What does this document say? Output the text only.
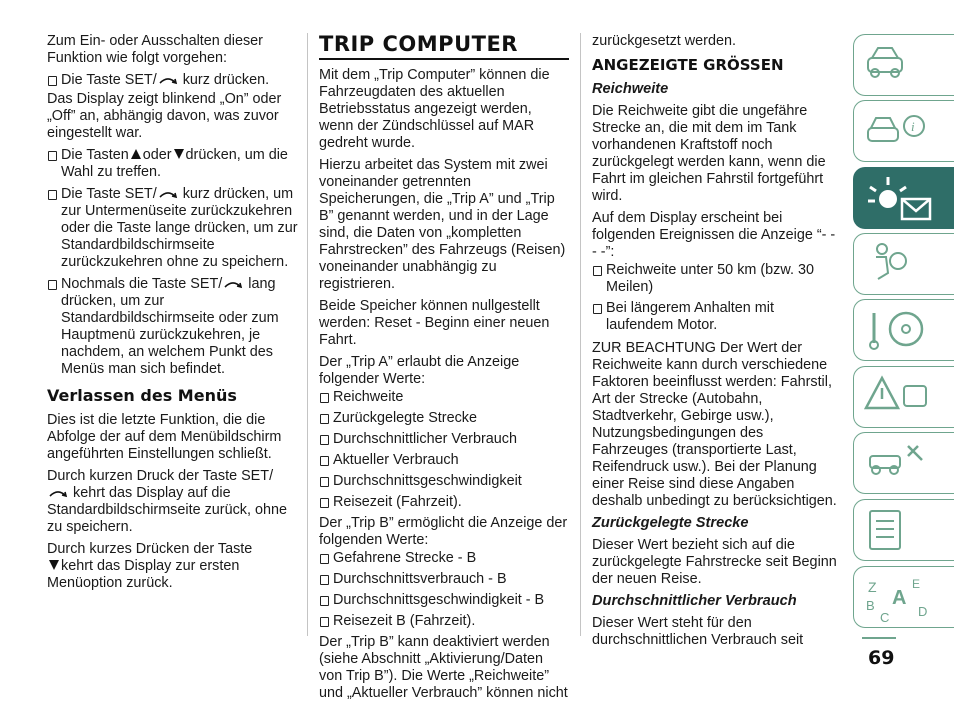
Zum Ein- oder Ausschalten dieser Funktion wie folgt vorgehen:

Die Taste SET/ kurz drücken.

Das Display zeigt blinkend „On” oder „Off” an, abhängig davon, was zuvor eingestellt war.

Die Tasten oder drücken, um die Wahl zu treffen.
Die Taste SET/ kurz drücken, um zur Untermenüseite zurückzukehren oder die Taste lange drücken, um zur Standardbildschirmseite zurückzukehren ohne zu speichern.
Nochmals die Taste SET/ lang drücken, um zur Standardbildschirmseite oder zum Hauptmenü zurückzukehren, je nachdem, an welchem Punkt des Menüs man sich befindet.
Verlassen des Menüs

Dies ist die letzte Funktion, die die Abfolge der auf dem Menübildschirm angeführten Einstellungen schließt.

Durch kurzen Druck der Taste SET/
kehrt das Display auf die Standardbildschirmseite zurück, ohne zu speichern.

Durch kurzes Drücken der Taste
kehrt das Display zur ersten Menüoption zurück.

TRIP COMPUTER

Mit dem „Trip Computer” können die Fahrzeugdaten des aktuellen Betriebsstatus angezeigt werden, wenn der Zündschlüssel auf MAR gedreht wurde.

Hierzu arbeitet das System mit zwei voneinander getrennten Speicherungen, die „Trip A” und „Trip B” genannt werden, und in der Lage sind, die Daten von „kompletten Fahrstrecken” des Fahrzeugs (Reisen) voneinander unabhängig zu registrieren.

Beide Speicher können nullgestellt werden: Reset - Beginn einer neuen Fahrt.

Der „Trip A” erlaubt die Anzeige folgender Werte:

Reichweite
Zurückgelegte Strecke
Durchschnittlicher Verbrauch
Aktueller Verbrauch
Durchschnittsgeschwindigkeit
Reisezeit (Fahrzeit).

Der „Trip B” ermöglicht die Anzeige der folgenden Werte:

Gefahrene Strecke - B
Durchschnittsverbrauch - B
Durchschnittsgeschwindigkeit - B
Reisezeit B (Fahrzeit).

Der „Trip B” kann deaktiviert werden (siehe Abschnitt „Aktivierung/Daten von Trip B”). Die Werte „Reichweite” und „Aktueller Verbrauch” können nicht

zurückgesetzt werden.

ANGEZEIGTE GRÖSSEN
Reichweite

Die Reichweite gibt die ungefähre Strecke an, die mit dem im Tank vorhandenen Kraftstoff noch zurückgelegt werden kann, wenn die Fahrt im gleichen Fahrstil fortgeführt wird.

Auf dem Display erscheint bei folgenden Ereignissen die Anzeige “- - - -”:

Reichweite unter 50 km (bzw. 30 Meilen)
Bei längerem Anhalten mit laufendem Motor.

ZUR BEACHTUNG Der Wert der Reichweite kann durch verschiedene Faktoren beeinflusst werden: Fahrstil, Art der Strecke (Autobahn, Stadtverkehr, Gebirge usw.), Nutzungsbedingungen des Fahrzeuges (transportierte Last, Reifendruck usw.). Bei der Planung einer Reise sind diese Angaben deshalb unbedingt zu berücksichtigen.

Zurückgelegte Strecke

Dieser Wert bezieht sich auf die zurückgelegte Fahrstrecke seit Beginn der neuen Reise.

Durchschnittlicher Verbrauch

Dieser Wert steht für den durchschnittlichen Verbrauch seit

i
Z	E
A
B
C D
69
